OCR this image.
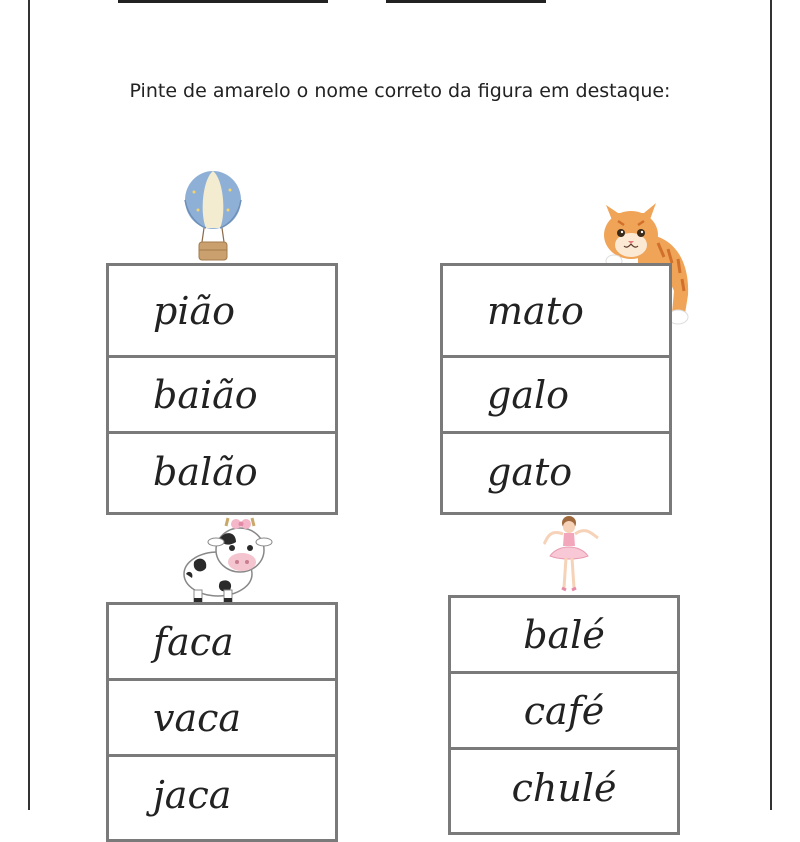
Pinte de amarelo o nome correto da figura em destaque:
pião
baião
balão
mato
galo
gato
faca
vaca
jaca
balé
café
chulé
